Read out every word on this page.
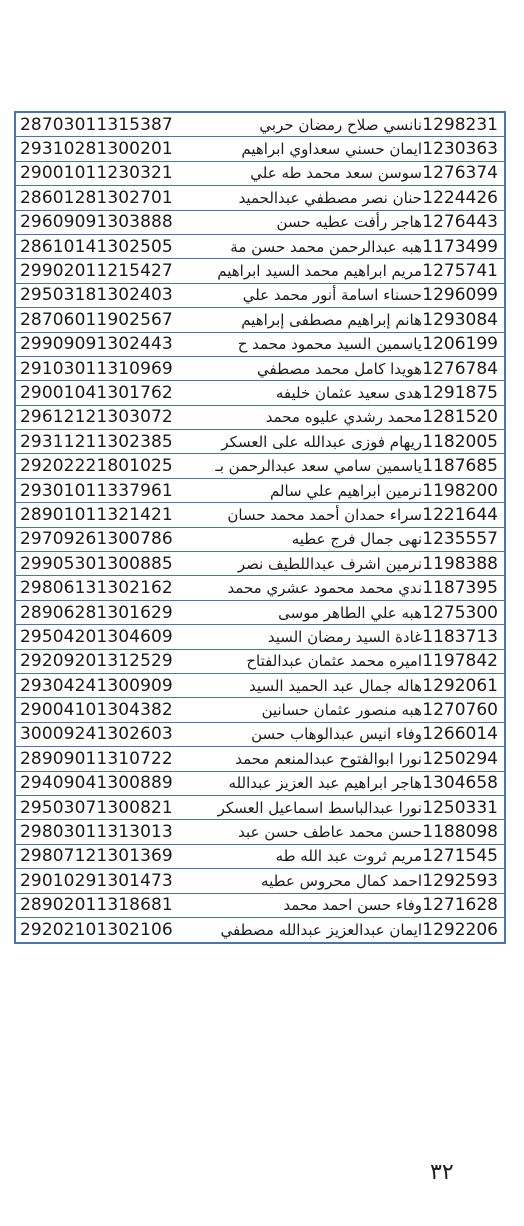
28703011315387	نانسي صلاح رمضان حربي 1298231
29310281300201	ايمان حسني سعداوي ابراهيم 1230363
29001011230321	سوسن سعد محمد طه علي 1276374
28601281302701	حنان نصر مصطفي عبدالحميد 1224426
29609091303888	هاجر رأفت عطيه حسن 1276443
28610141302505	هبه عبدالرحمن محمد حسن مة 1173499
29902011215427	مريم ابراهيم محمد السيد ابراهيم 1275741
29503181302403	حسناء اسامة أنور محمد علي 1296099
28706011902567	هانم إبراهيم مصطفى إبراهيم 1293084
29909091302443	ياسمين السيد محمود محمد ح 1206199
29103011310969	هويدا كامل محمد مصطفي 1276784
29001041301762	هدى سعيد عثمان خليفه 1291875
29612121303072	محمد رشدي عليوه محمد 1281520
29311211302385	ريهام فوزى عبدالله على العسكر 1182005
29202221801025	ياسمين سامي سعد عبدالرحمن بـ 1187685
29301011337961	نرمين ابراهيم علي سالم 1198200
28901011321421	سراء حمدان أحمد محمد حسان 1221644
29709261300786	نهى جمال فرج عطيه 1235557
29905301300885	نرمين اشرف عبداللطيف نصر 1198388
29806131302162	ندي محمد محمود عشري محمد 1187395
28906281301629	هبه علي الطاهر موسى 1275300
29504201304609	غادة السيد رمضان السيد 1183713
29209201312529	اميره محمد عثمان عبدالفتاح 1197842
29304241300909	هاله جمال عبد الحميد السيد 1292061
29004101304382	هبه منصور عثمان حسانين 1270760
30009241302603	وفاء انيس عبدالوهاب حسن 1266014
28909011310722	نورا ابوالفتوح عبدالمنعم محمد 1250294
29409041300889	هاجر ابراهيم عبد العزيز عبدالله 1304658
29503071300821	نورا عبدالباسط اسماعيل العسكر 1250331
29803011313013	حسن محمد عاطف حسن عبد 1188098
29807121301369	مريم ثروت عبد الله طه 1271545
29010291301473	احمد كمال محروس عطيه 1292593
28902011318681	وفاء حسن احمد محمد 1271628
29202101302106	ايمان عبدالعزيز عبدالله مصطفي 1292206
٣٢
